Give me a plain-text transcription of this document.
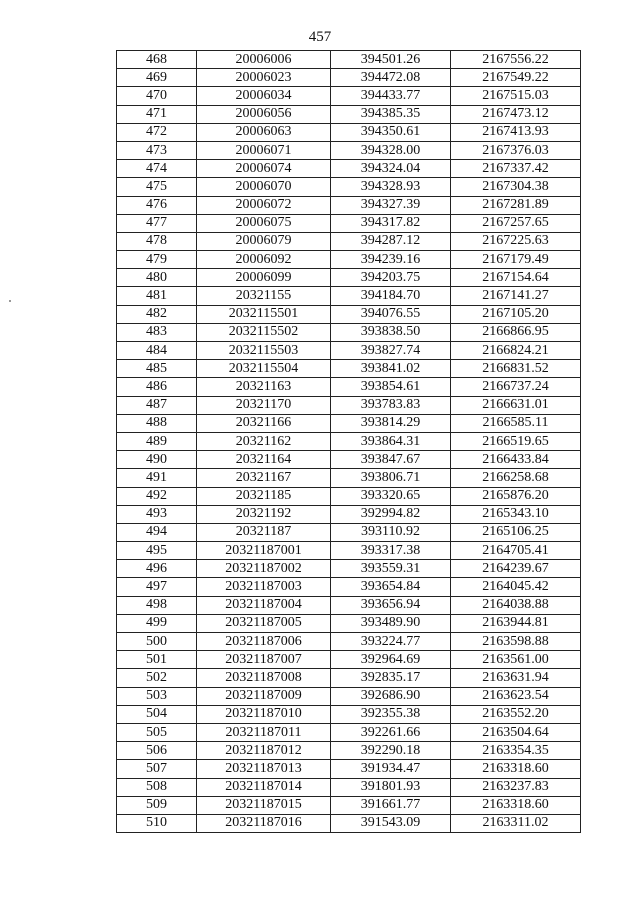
457
468	20006006	394501.26	2167556.22
469	20006023	394472.08	2167549.22
470	20006034	394433.77	2167515.03
471	20006056	394385.35	2167473.12
472	20006063	394350.61	2167413.93
473	20006071	394328.00	2167376.03
474	20006074	394324.04	2167337.42
475	20006070	394328.93	2167304.38
476	20006072	394327.39	2167281.89
477	20006075	394317.82	2167257.65
478	20006079	394287.12	2167225.63
479	20006092	394239.16	2167179.49
480	20006099	394203.75	2167154.64
481	20321155	394184.70	2167141.27
482	2032115501	394076.55	2167105.20
483	2032115502	393838.50	2166866.95
484	2032115503	393827.74	2166824.21
485	2032115504	393841.02	2166831.52
486	20321163	393854.61	2166737.24
487	20321170	393783.83	2166631.01
488	20321166	393814.29	2166585.11
489	20321162	393864.31	2166519.65
490	20321164	393847.67	2166433.84
491	20321167	393806.71	2166258.68
492	20321185	393320.65	2165876.20
493	20321192	392994.82	2165343.10
494	20321187	393110.92	2165106.25
495	20321187001	393317.38	2164705.41
496	20321187002	393559.31	2164239.67
497	20321187003	393654.84	2164045.42
498	20321187004	393656.94	2164038.88
499	20321187005	393489.90	2163944.81
500	20321187006	393224.77	2163598.88
501	20321187007	392964.69	2163561.00
502	20321187008	392835.17	2163631.94
503	20321187009	392686.90	2163623.54
504	20321187010	392355.38	2163552.20
505	20321187011	392261.66	2163504.64
506	20321187012	392290.18	2163354.35
507	20321187013	391934.47	2163318.60
508	20321187014	391801.93	2163237.83
509	20321187015	391661.77	2163318.60
510	20321187016	391543.09	2163311.02
